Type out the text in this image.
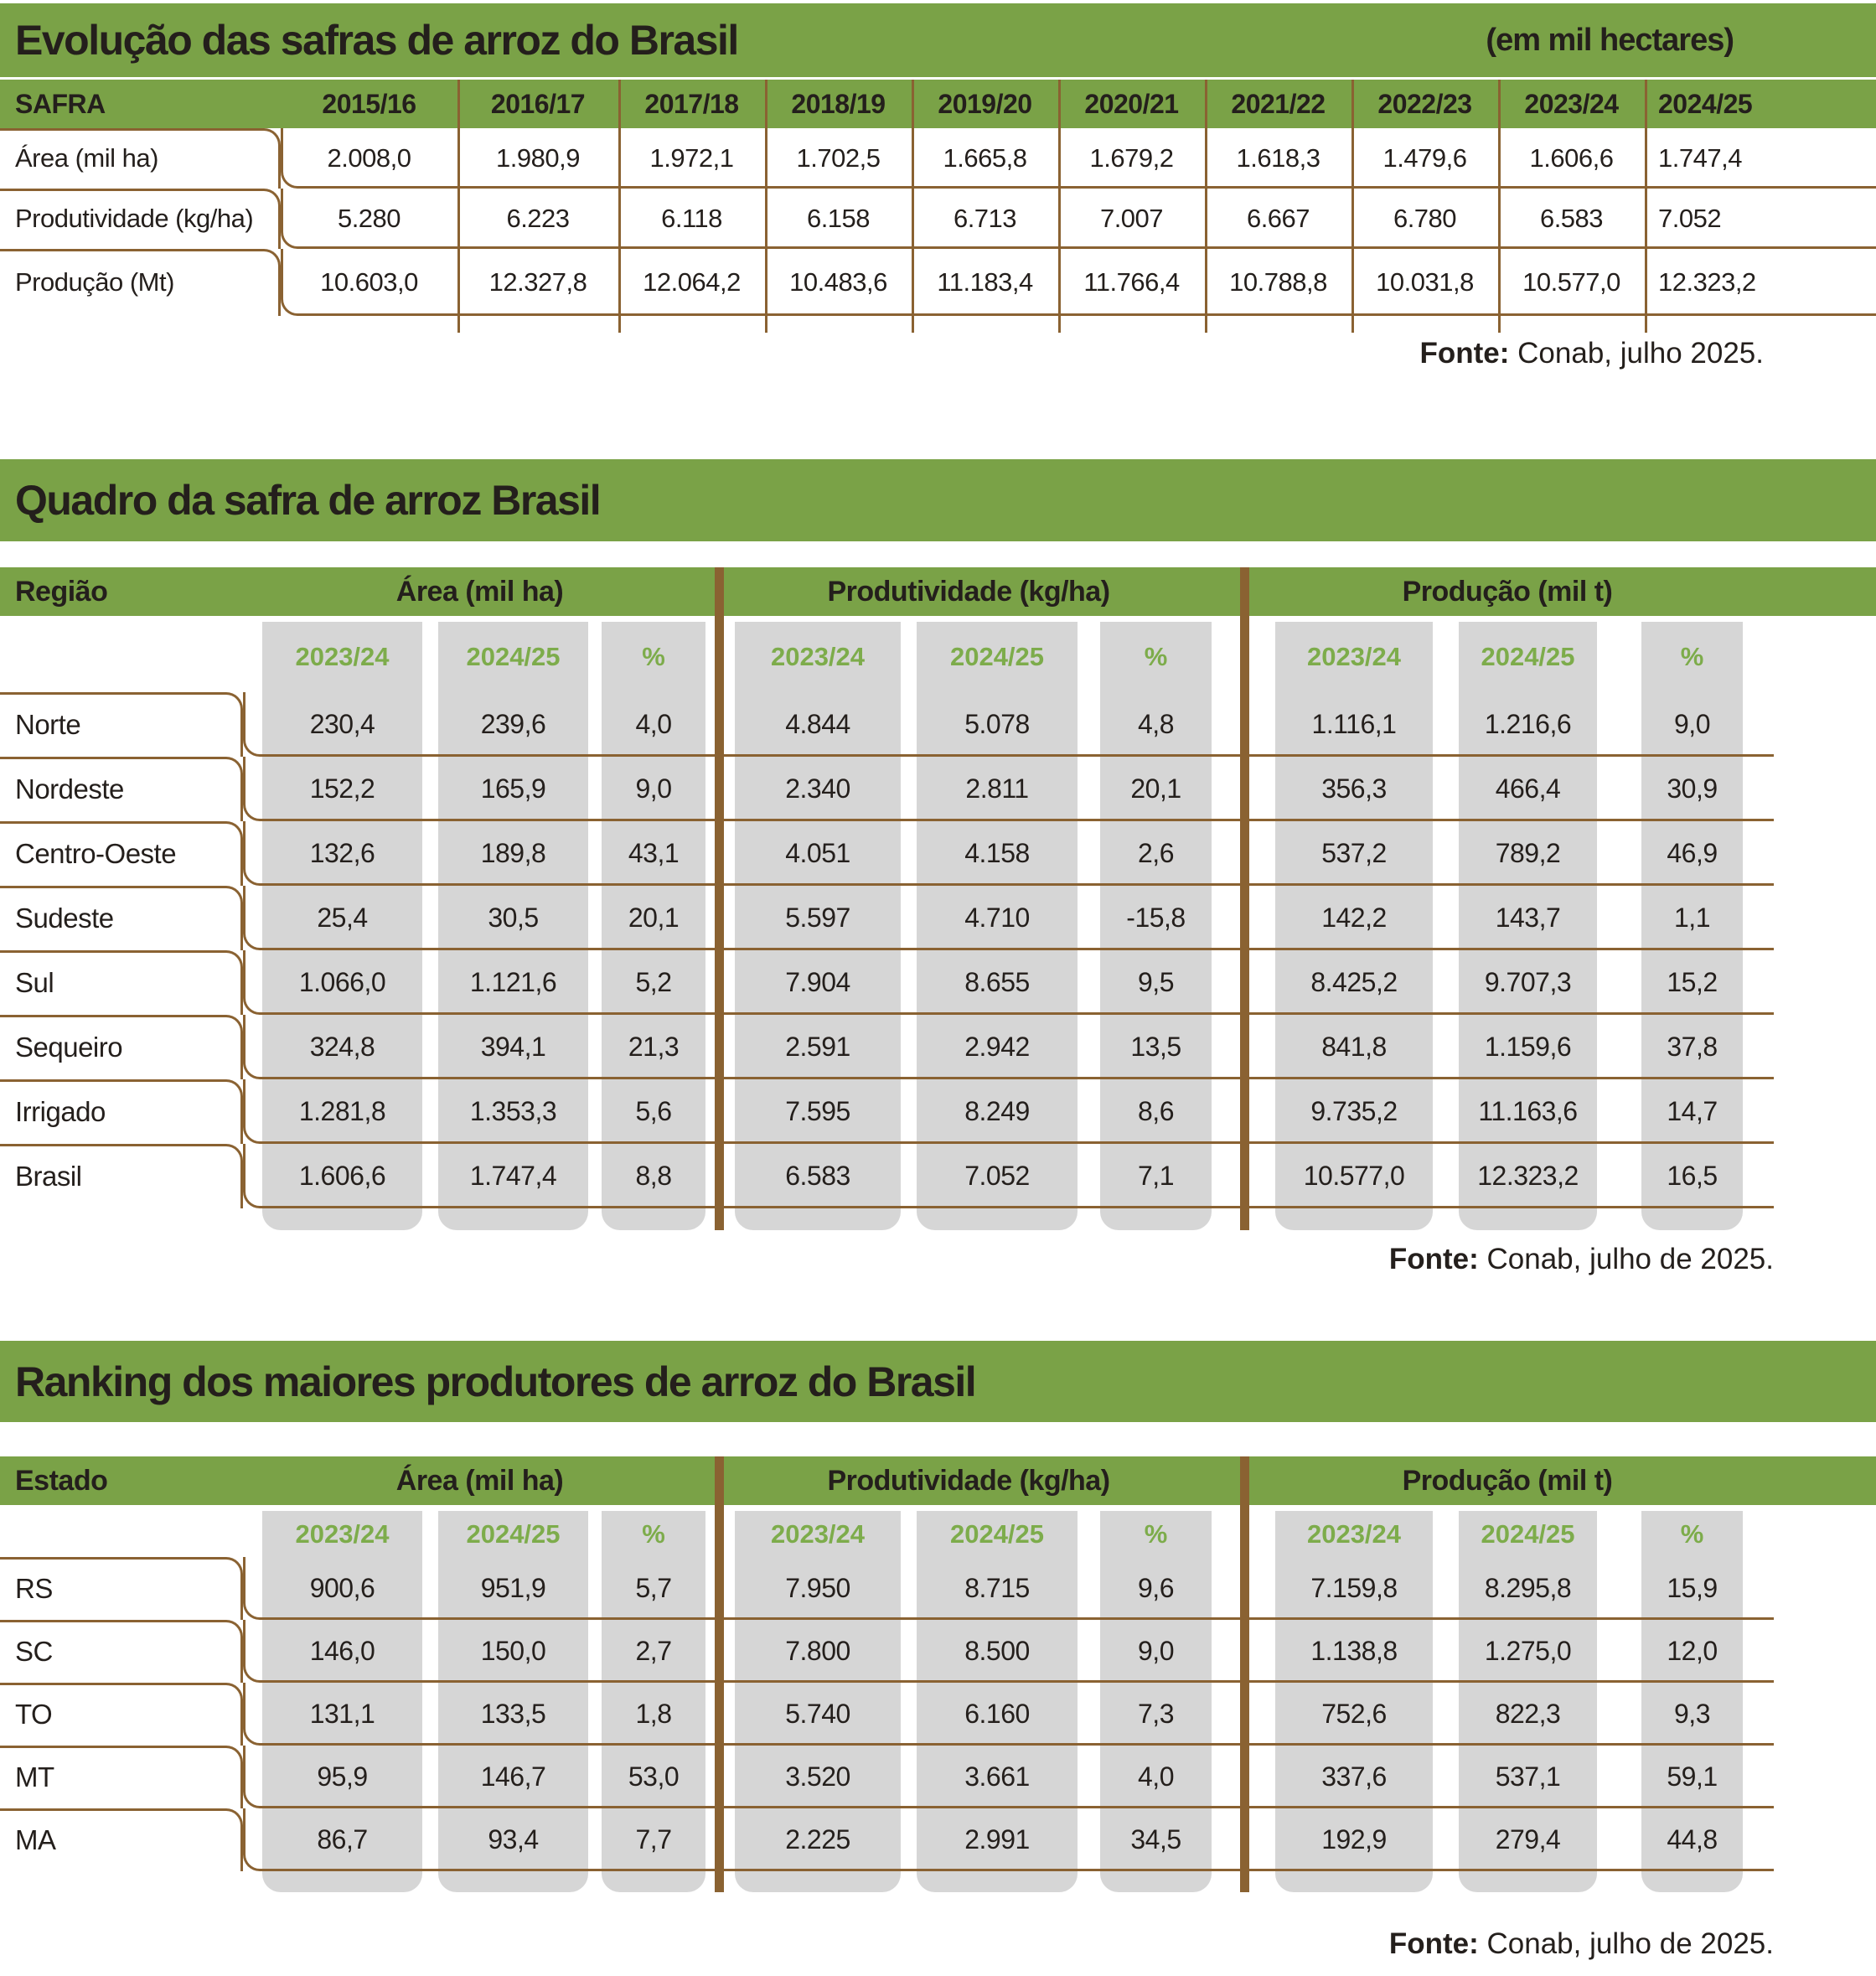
Evolução das safras de arroz do Brasil	(em mil hectares)
SAFRA	2015/16	2016/17	2017/18	2018/19	2019/20	2020/21	2021/22	2022/23	2023/24	2024/25
Área (mil ha)	2.008,0	1.980,9	1.972,1	1.702,5	1.665,8	1.679,2	1.618,3	1.479,6	1.606,6	1.747,4
Produtividade (kg/ha)	5.280	6.223	6.118	6.158	6.713	7.007	6.667	6.780	6.583	7.052
Produção (Mt)	10.603,0	12.327,8	12.064,2	10.483,6	11.183,4	11.766,4	10.788,8	10.031,8	10.577,0	12.323,2
Fonte: Conab, julho 2025.
Quadro da safra de arroz Brasil
Região	Área (mil ha)	Produtividade (kg/ha)	Produção (mil t)
2023/24	2024/25	%	2023/24	2024/25	%	2023/24	2024/25	%
Norte	230,4	239,6	4,0	4.844	5.078	4,8	1.116,1	1.216,6	9,0
Nordeste	152,2	165,9	9,0	2.340	2.811	20,1	356,3	466,4	30,9
Centro-Oeste	132,6	189,8	43,1	4.051	4.158	2,6	537,2	789,2	46,9
Sudeste	25,4	30,5	20,1	5.597	4.710	-15,8	142,2	143,7	1,1
Sul	1.066,0	1.121,6	5,2	7.904	8.655	9,5	8.425,2	9.707,3	15,2
Sequeiro	324,8	394,1	21,3	2.591	2.942	13,5	841,8	1.159,6	37,8
Irrigado	1.281,8	1.353,3	5,6	7.595	8.249	8,6	9.735,2	11.163,6	14,7
Brasil	1.606,6	1.747,4	8,8	6.583	7.052	7,1	10.577,0	12.323,2	16,5
Fonte: Conab, julho de 2025.
Ranking dos maiores produtores de arroz do Brasil
Estado	Área (mil ha)	Produtividade (kg/ha)	Produção (mil t)
2023/24	2024/25	%	2023/24	2024/25	%	2023/24	2024/25	%
RS	900,6	951,9	5,7	7.950	8.715	9,6	7.159,8	8.295,8	15,9
SC	146,0	150,0	2,7	7.800	8.500	9,0	1.138,8	1.275,0	12,0
TO	131,1	133,5	1,8	5.740	6.160	7,3	752,6	822,3	9,3
MT	95,9	146,7	53,0	3.520	3.661	4,0	337,6	537,1	59,1
MA	86,7	93,4	7,7	2.225	2.991	34,5	192,9	279,4	44,8
Fonte: Conab, julho de 2025.
